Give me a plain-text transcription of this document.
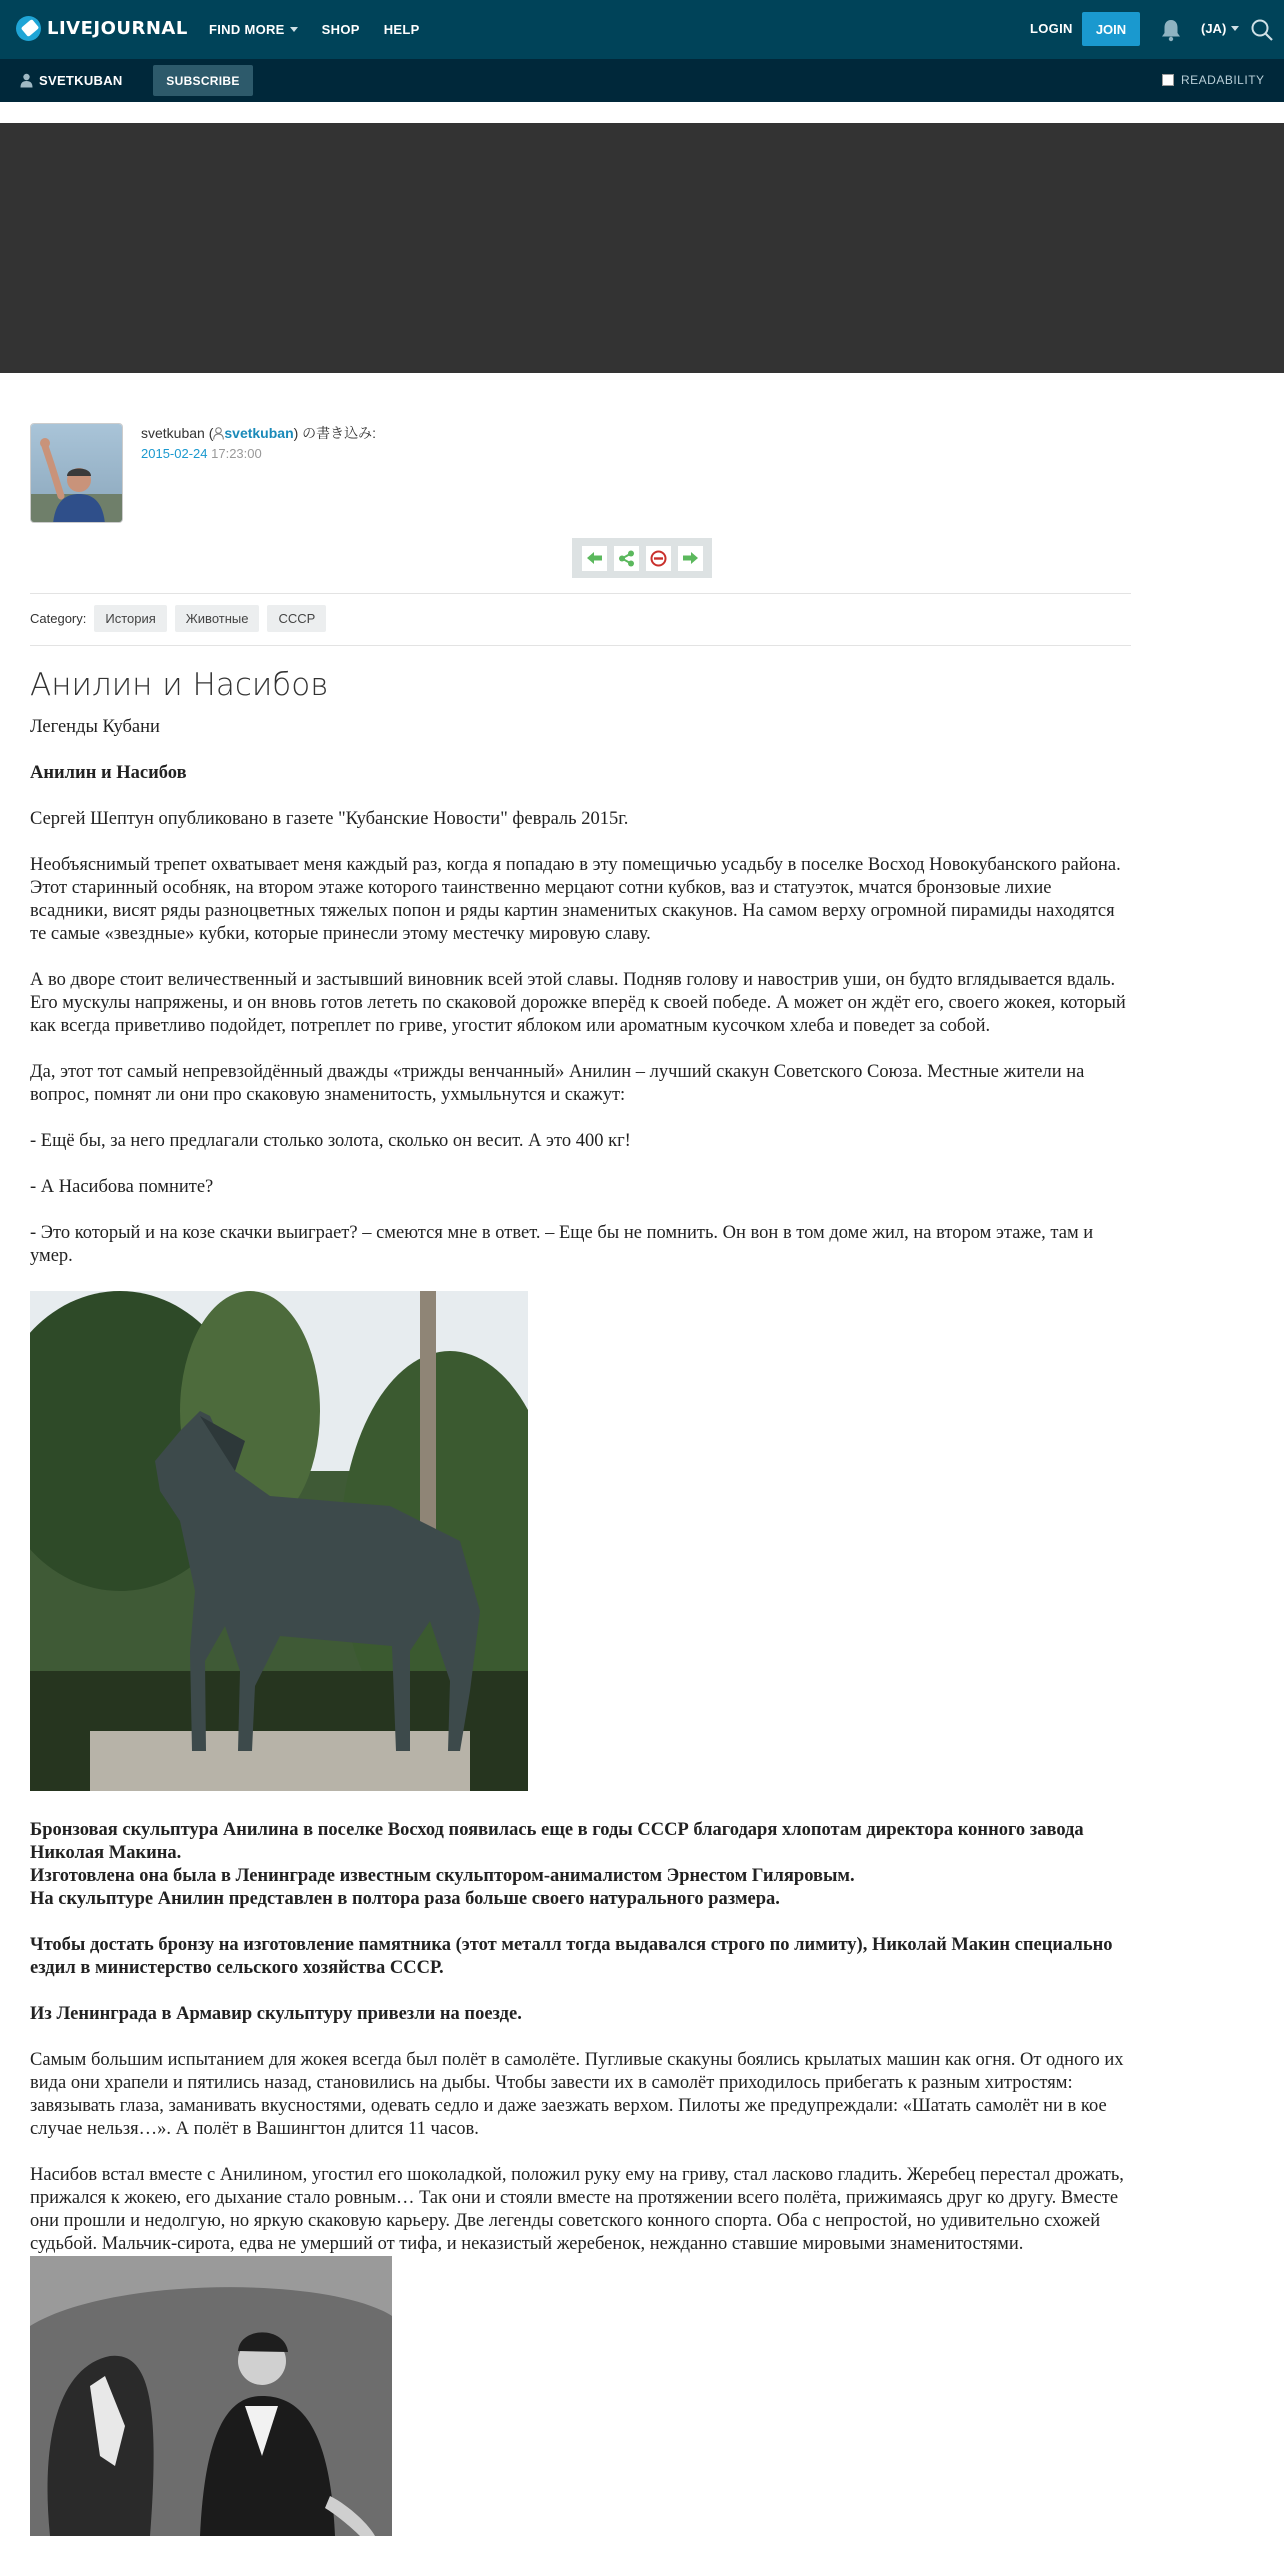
LIVEJOURNAL FIND MORE	SHOP HELP	LOGIN	JOIN	(JA)
SVETKUBAN	SUBSCRIBE	READABILITY
svetkuban ( svetkuban) の書き込み:
2015-02-24 17:23:00
Category:	История	Животные	СССР
Анилин и Насибов

Легенды Кубани

Анилин и Насибов

Сергей Шептун опубликовано в газете "Кубанские Новости" февраль 2015г.

Необъяснимый трепет охватывает меня каждый раз, когда я попадаю в эту помещичью усадьбу в поселке Восход Новокубанского района. Этот старинный особняк, на втором этаже которого таинственно мерцают сотни кубков, ваз и статуэток, мчатся бронзовые лихие всадники, висят ряды разноцветных тяжелых попон и ряды картин знаменитых скакунов. На самом верху огромной пирамиды находятся те самые «звездные» кубки, которые принесли этому местечку мировую славу.

А во дворе стоит величественный и застывший виновник всей этой славы. Подняв голову и навострив уши, он будто вглядывается вдаль. Его мускулы напряжены, и он вновь готов лететь по скаковой дорожке вперёд к своей победе. А может он ждёт его, своего жокея, который как всегда приветливо подойдет, потреплет по гриве, угостит яблоком или ароматным кусочком хлеба и поведет за собой.

Да, этот тот самый непревзойдённый дважды «трижды венчанный» Анилин – лучший скакун Советского Союза. Местные жители на вопрос, помнят ли они про скаковую знаменитость, ухмыльнутся и скажут:

- Ещё бы, за него предлагали столько золота, сколько он весит. А это 400 кг!

- А Насибова помните?

- Это который и на козе скачки выиграет? – смеются мне в ответ. – Еще бы не помнить. Он вон в том доме жил, на втором этаже, там и умер.

Бронзовая скульптура Анилина в поселке Восход появилась еще в годы СССР благодаря хлопотам директора конного завода Николая Макина.
Изготовлена она была в Ленинграде известным скульптором-анималистом Эрнестом Гиляровым.
На скульптуре Анилин представлен в полтора раза больше своего натурального размера.

Чтобы достать бронзу на изготовление памятника (этот металл тогда выдавался строго по лимиту), Николай Макин специально ездил в министерство сельского хозяйства СССР.

Из Ленинграда в Армавир скульптуру привезли на поезде.

Самым большим испытанием для жокея всегда был полёт в самолёте. Пугливые скакуны боялись крылатых машин как огня. От одного их вида они храпели и пятились назад, становились на дыбы. Чтобы завести их в самолёт приходилось прибегать к разным хитростям: завязывать глаза, заманивать вкусностями, одевать седло и даже заезжать верхом. Пилоты же предупреждали: «Шатать самолёт ни в кое случае нельзя…». А полёт в Вашингтон длится 11 часов.

Насибов встал вместе с Анилином, угостил его шоколадкой, положил руку ему на гриву, стал ласково гладить. Жеребец перестал дрожать, прижался к жокею, его дыхание стало ровным… Так они и стояли вместе на протяжении всего полёта, прижимаясь друг ко другу. Вместе они прошли и недолгую, но яркую скаковую карьеру. Две легенды советского конного спорта. Оба с непростой, но удивительно схожей судьбой. Мальчик-сирота, едва не умерший от тифа, и неказистый жеребенок, нежданно ставшие мировыми знаменитостями.
